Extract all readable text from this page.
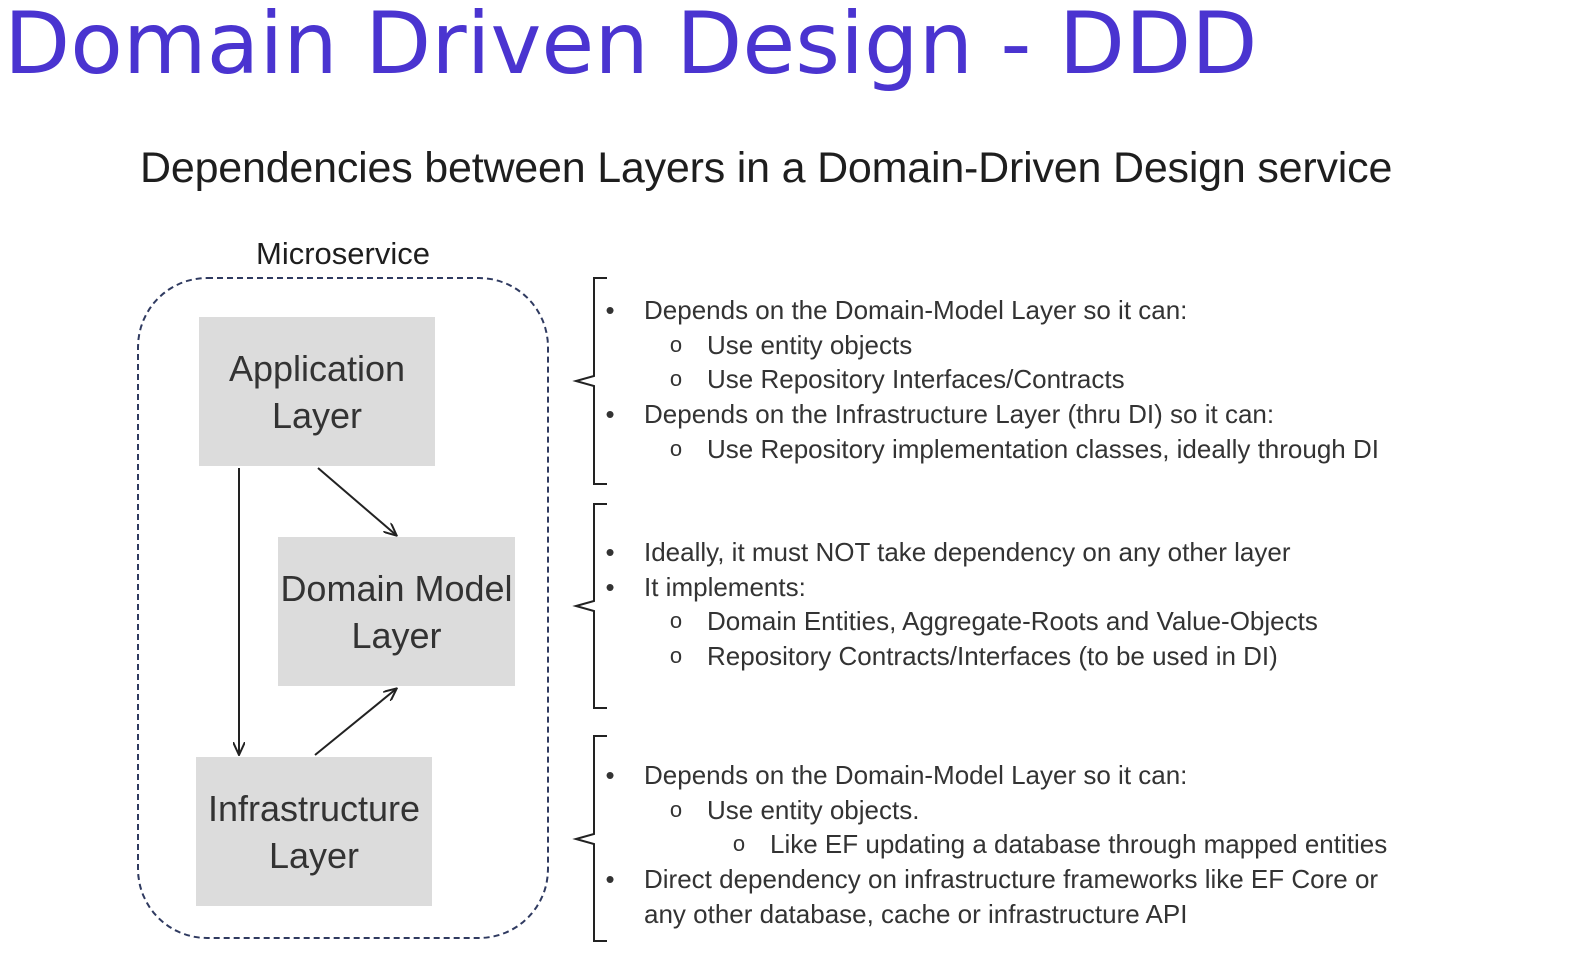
Domain Driven Design - DDD
Dependencies between Layers in a Domain-Driven Design service
Microservice
Application
Layer
Domain Model
Layer
Infrastructure
Layer
• Depends on the Domain-Model Layer so it can:
o Use entity objects
o Use Repository Interfaces/Contracts
• Depends on the Infrastructure Layer (thru DI) so it can:
o Use Repository implementation classes, ideally through DI
• Ideally, it must NOT take dependency on any other layer
• It implements:
o Domain Entities, Aggregate-Roots and Value-Objects
o Repository Contracts/Interfaces (to be used in DI)
• Depends on the Domain-Model Layer so it can:
o Use entity objects.
o Like EF updating a database through mapped entities
• Direct dependency on infrastructure frameworks like EF Core or
any other database, cache or infrastructure API
